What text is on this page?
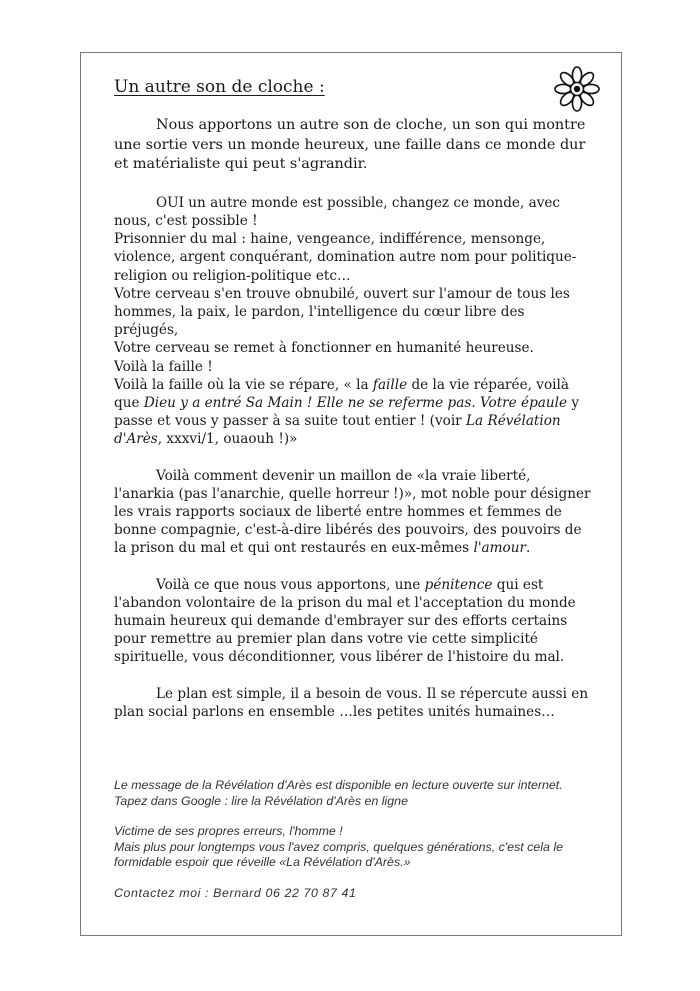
Un autre son de cloche :

Nous apportons un autre son de cloche, un son qui montre une sortie vers un monde heureux, une faille dans ce monde dur et matérialiste qui peut s'agrandir.

OUI un autre monde est possible, changez ce monde, avec nous, c'est possible !

Prisonnier du mal : haine, vengeance, indifférence, mensonge, violence, argent conquérant, domination autre nom pour politique-religion ou religion-politique etc…

Votre cerveau s'en trouve obnubilé, ouvert sur l'amour de tous les hommes, la paix, le pardon, l'intelligence du cœur libre des préjugés,

Votre cerveau se remet à fonctionner en humanité heureuse.

Voilà la faille !

Voilà la faille où la vie se répare, « la faille de la vie réparée, voilà que Dieu y a entré Sa Main ! Elle ne se referme pas. Votre épaule y passe et vous y passer à sa suite tout entier ! (voir La Révélation d'Arès, xxxvi/1, ouaouh !)»

Voilà comment devenir un maillon de «la vraie liberté, l'anarkia (pas l'anarchie, quelle horreur !)», mot noble pour désigner les vrais rapports sociaux de liberté entre hommes et femmes de bonne compagnie, c'est-à-dire libérés des pouvoirs, des pouvoirs de la prison du mal et qui ont restaurés en eux-mêmes l'amour.

Voilà ce que nous vous apportons, une pénitence qui est l'abandon volontaire de la prison du mal et l'acceptation du monde humain heureux qui demande d'embrayer sur des efforts certains pour remettre au premier plan dans votre vie cette simplicité spirituelle, vous déconditionner, vous libérer de l'histoire du mal.

Le plan est simple, il a besoin de vous. Il se répercute aussi en plan social parlons en ensemble …les petites unités humaines…

Le message de la Révélation d'Arès est disponible en lecture ouverte sur internet.

Tapez dans Google : lire la Révélation d'Arès en ligne

Victime de ses propres erreurs, l'homme !

Mais plus pour longtemps vous l'avez compris, quelques générations, c'est cela le formidable espoir que réveille «La Révélation d'Arès.»

Contactez moi : Bernard 06 22 70 87 41
